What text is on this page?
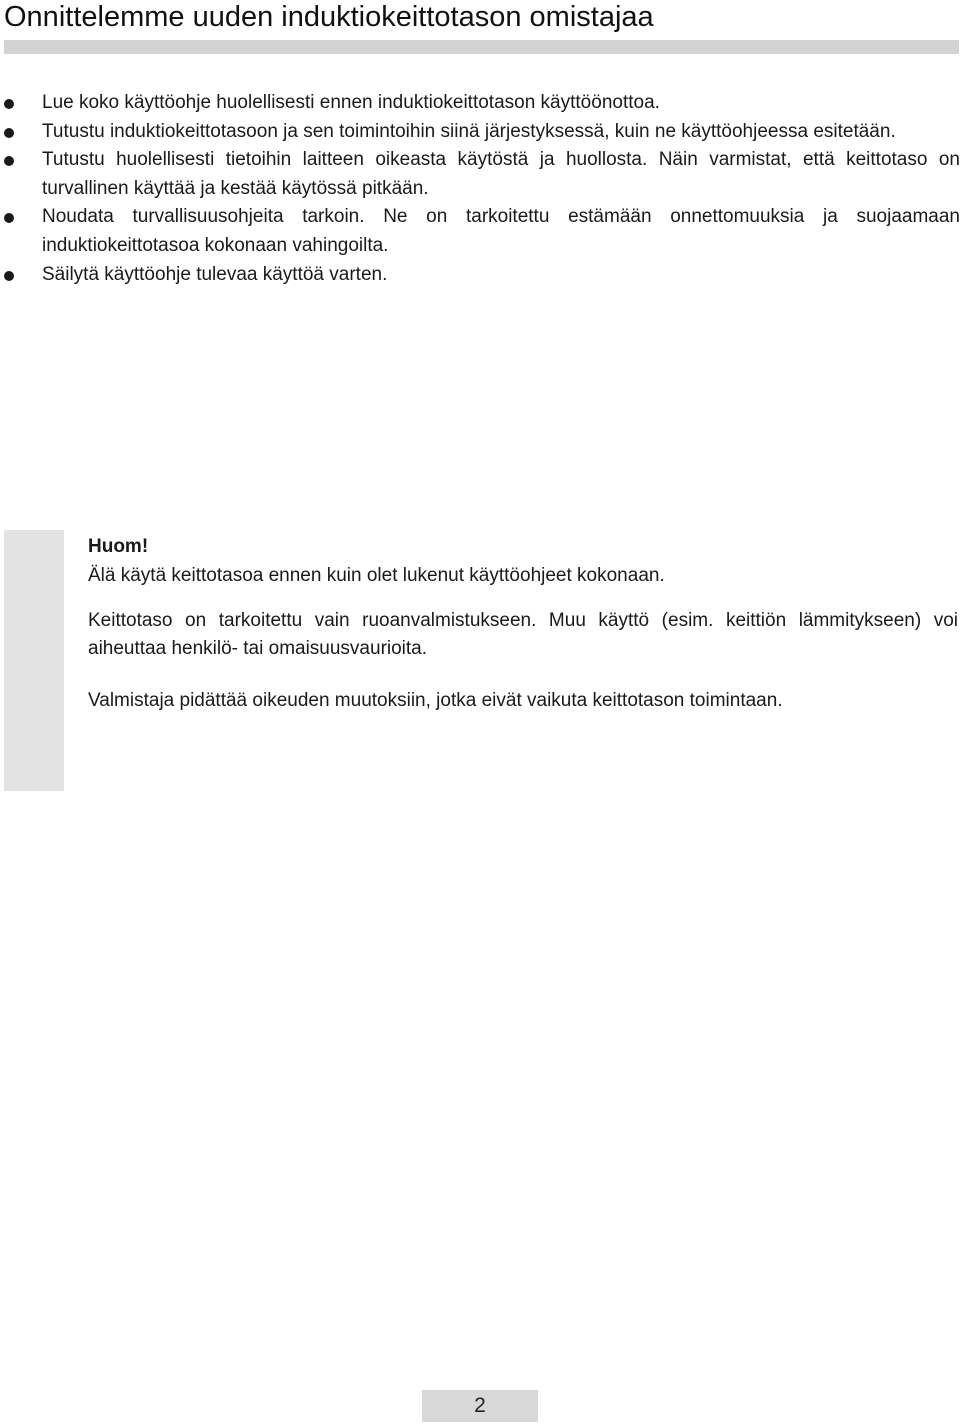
Onnittelemme uuden induktiokeittotason omistajaa
Lue koko käyttöohje huolellisesti ennen induktiokeittotason käyttöönottoa.
Tutustu induktiokeittotasoon ja sen toimintoihin siinä järjestyksessä, kuin ne käyttöohjeessa esitetään.
Tutustu huolellisesti tietoihin laitteen oikeasta käytöstä ja huollosta. Näin varmistat, että keittotaso on turvallinen käyttää ja kestää käytössä pitkään.
Noudata turvallisuusohjeita tarkoin. Ne on tarkoitettu estämään onnettomuuksia ja suojaamaan induktiokeittotasoa kokonaan vahingoilta.
Säilytä käyttöohje tulevaa käyttöä varten.

Huom!

Älä käytä keittotasoa ennen kuin olet lukenut käyttöohjeet kokonaan.

Keittotaso on tarkoitettu vain ruoanvalmistukseen. Muu käyttö (esim. keittiön lämmitykseen) voi aiheuttaa henkilö- tai omaisuusvaurioita.

Valmistaja pidättää oikeuden muutoksiin, jotka eivät vaikuta keittotason toimintaan.

2
